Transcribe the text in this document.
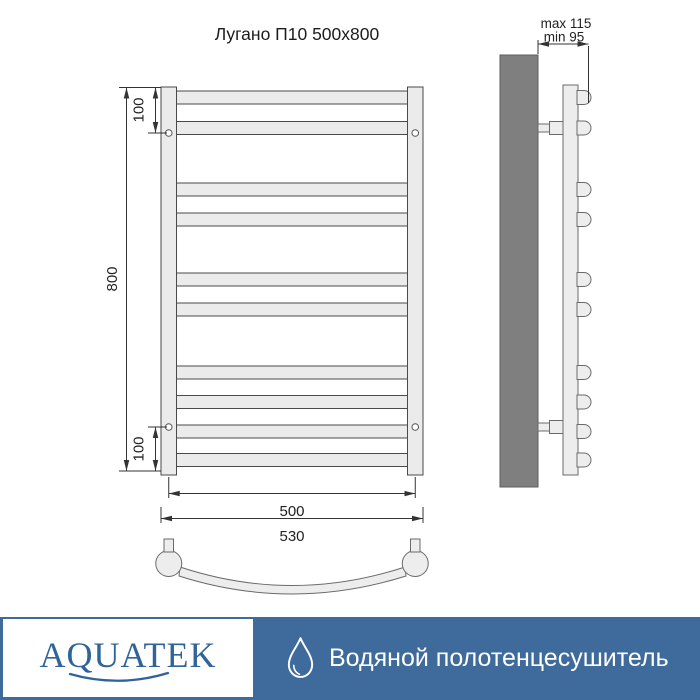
Лугано П10 500x800
800
100
100
500
530
max 115
min 95
AQUATEK	Водяной полотенцесушитель
